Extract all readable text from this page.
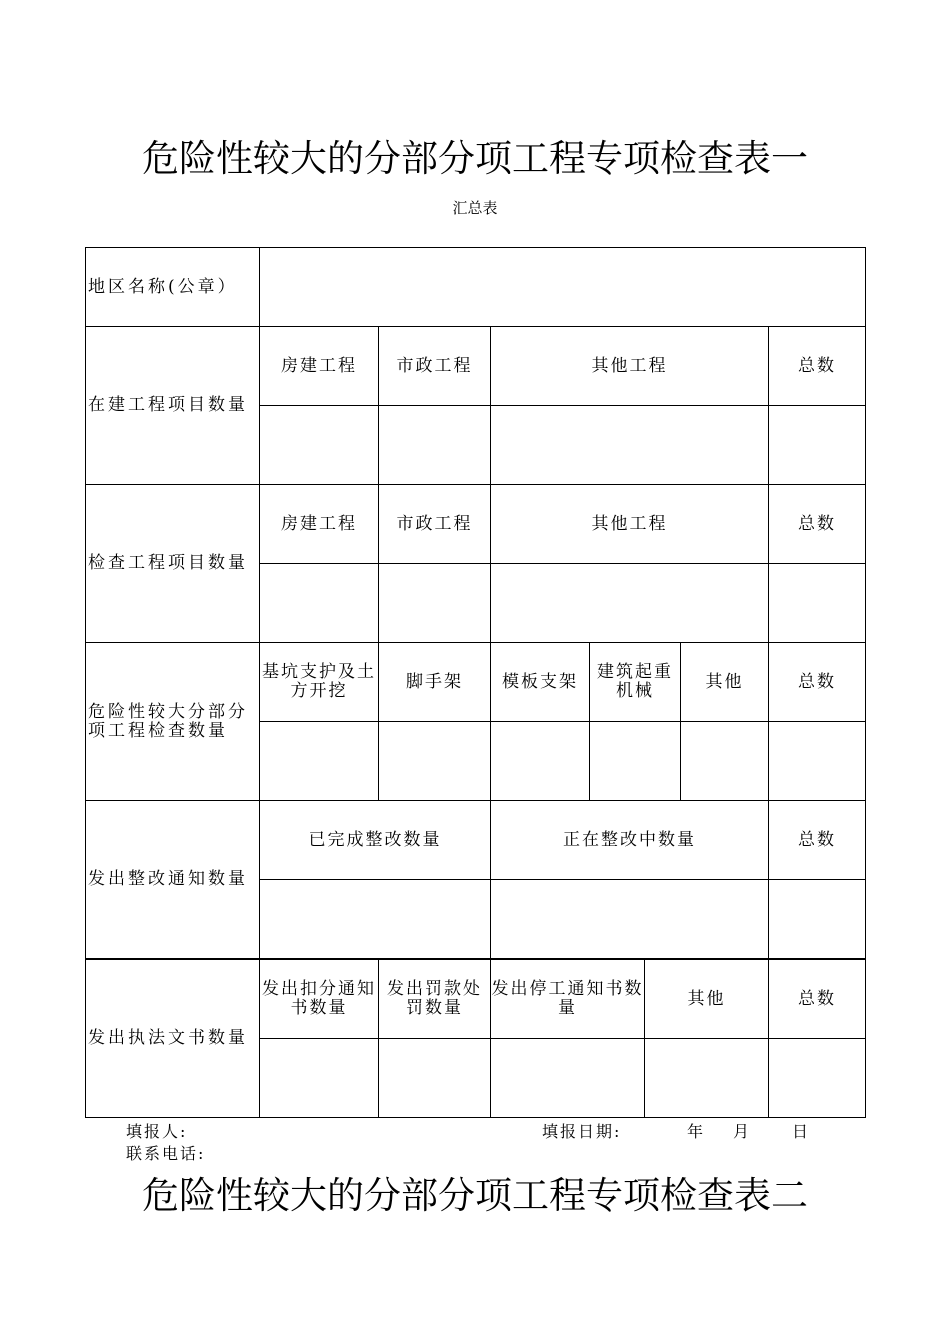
危险性较大的分部分项工程专项检查表一
汇总表
地区名称(公章）						
在建工程项目数量	房建工程	市政工程	其他工程			总数

检查工程项目数量	房建工程	市政工程	其他工程			总数

危险性较大分部分项工程检查数量	基坑支护及土方开挖	脚手架	模板支架	建筑起重机械	其他	总数

发出整改通知数量	已完成整改数量		正在整改中数量			总数

发出执法文书数量	发出扣分通知书数量	发出罚款处罚数量	发出停工通知书数量	其他	总数

填报人:	填报日期:	年 月	日
联系电话:
危险性较大的分部分项工程专项检查表二
